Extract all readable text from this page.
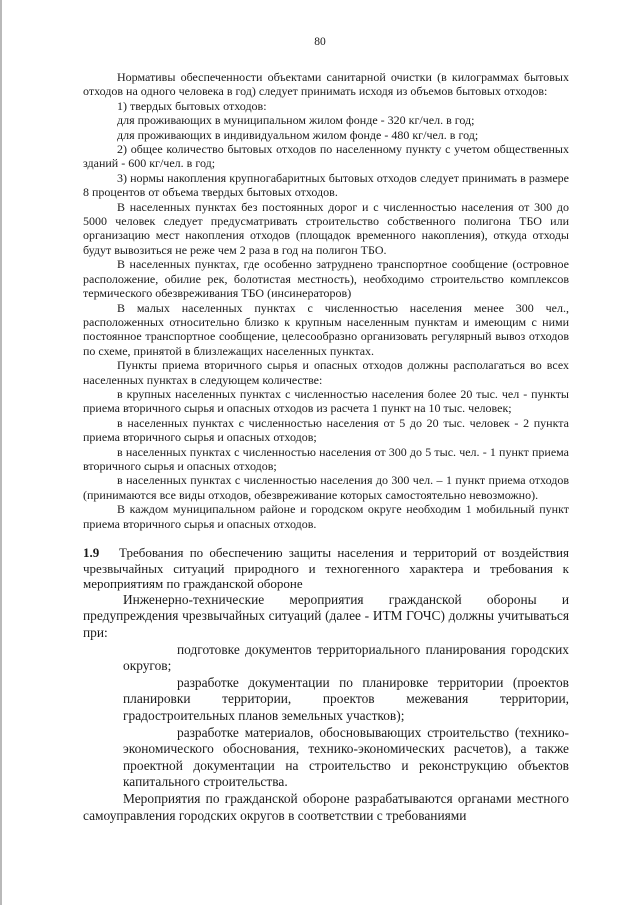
80

Нормативы обеспеченности объектами санитарной очистки (в килограммах бытовых отходов на одного человека в год) следует принимать исходя из объемов бытовых отходов:

1) твердых бытовых отходов:

для проживающих в муниципальном жилом фонде - 320 кг/чел. в год;

для проживающих в индивидуальном жилом фонде - 480 кг/чел. в год;

2) общее количество бытовых отходов по населенному пункту с учетом общественных зданий - 600 кг/чел. в год;

3) нормы накопления крупногабаритных бытовых отходов следует принимать в размере 8 процентов от объема твердых бытовых отходов.

В населенных пунктах без постоянных дорог и с численностью населения от 300 до 5000 человек следует предусматривать строительство собственного полигона ТБО или организацию мест накопления отходов (площадок временного накопления), откуда отходы будут вывозиться не реже чем 2 раза в год на полигон ТБО.

В населенных пунктах, где особенно затруднено транспортное сообщение (островное расположение, обилие рек, болотистая местность), необходимо строительство комплексов термического обезвреживания ТБО (инсинераторов)

В малых населенных пунктах с численностью населения менее 300 чел., расположенных относительно близко к крупным населенным пунктам и имеющим с ними постоянное транспортное сообщение, целесообразно организовать регулярный вывоз отходов по схеме, принятой в близлежащих населенных пунктах.

Пункты приема вторичного сырья и опасных отходов должны располагаться во всех населенных пунктах в следующем количестве:

в крупных населенных пунктах с численностью населения более 20 тыс. чел - пункты приема вторичного сырья и опасных отходов из расчета 1 пункт на 10 тыс. человек;

в населенных пунктах с численностью населения от 5 до 20 тыс. человек - 2 пункта приема вторичного сырья и опасных отходов;

в населенных пунктах с численностью населения от 300 до 5 тыс. чел. - 1 пункт приема вторичного сырья и опасных отходов;

в населенных пунктах с численностью населения до 300 чел. – 1 пункт приема отходов (принимаются все виды отходов, обезвреживание которых самостоятельно невозможно).

В каждом муниципальном районе и городском округе необходим 1 мобильный пункт приема вторичного сырья и опасных отходов.

1.9 Требования по обеспечению защиты населения и территорий от воздействия чрезвычайных ситуаций природного и техногенного характера и требования к мероприятиям по гражданской обороне

Инженерно-технические мероприятия гражданской обороны и предупреждения чрезвычайных ситуаций (далее - ИТМ ГОЧС) должны учитываться при:

подготовке документов территориального планирования городских округов;

разработке документации по планировке территории (проектов планировки территории, проектов межевания территории, градостроительных планов земельных участков);

разработке материалов, обосновывающих строительство (технико-экономического обоснования, технико-экономических расчетов), а также проектной документации на строительство и реконструкцию объектов капитального строительства.

Мероприятия по гражданской обороне разрабатываются органами местного самоуправления городских округов в соответствии с требованиями
